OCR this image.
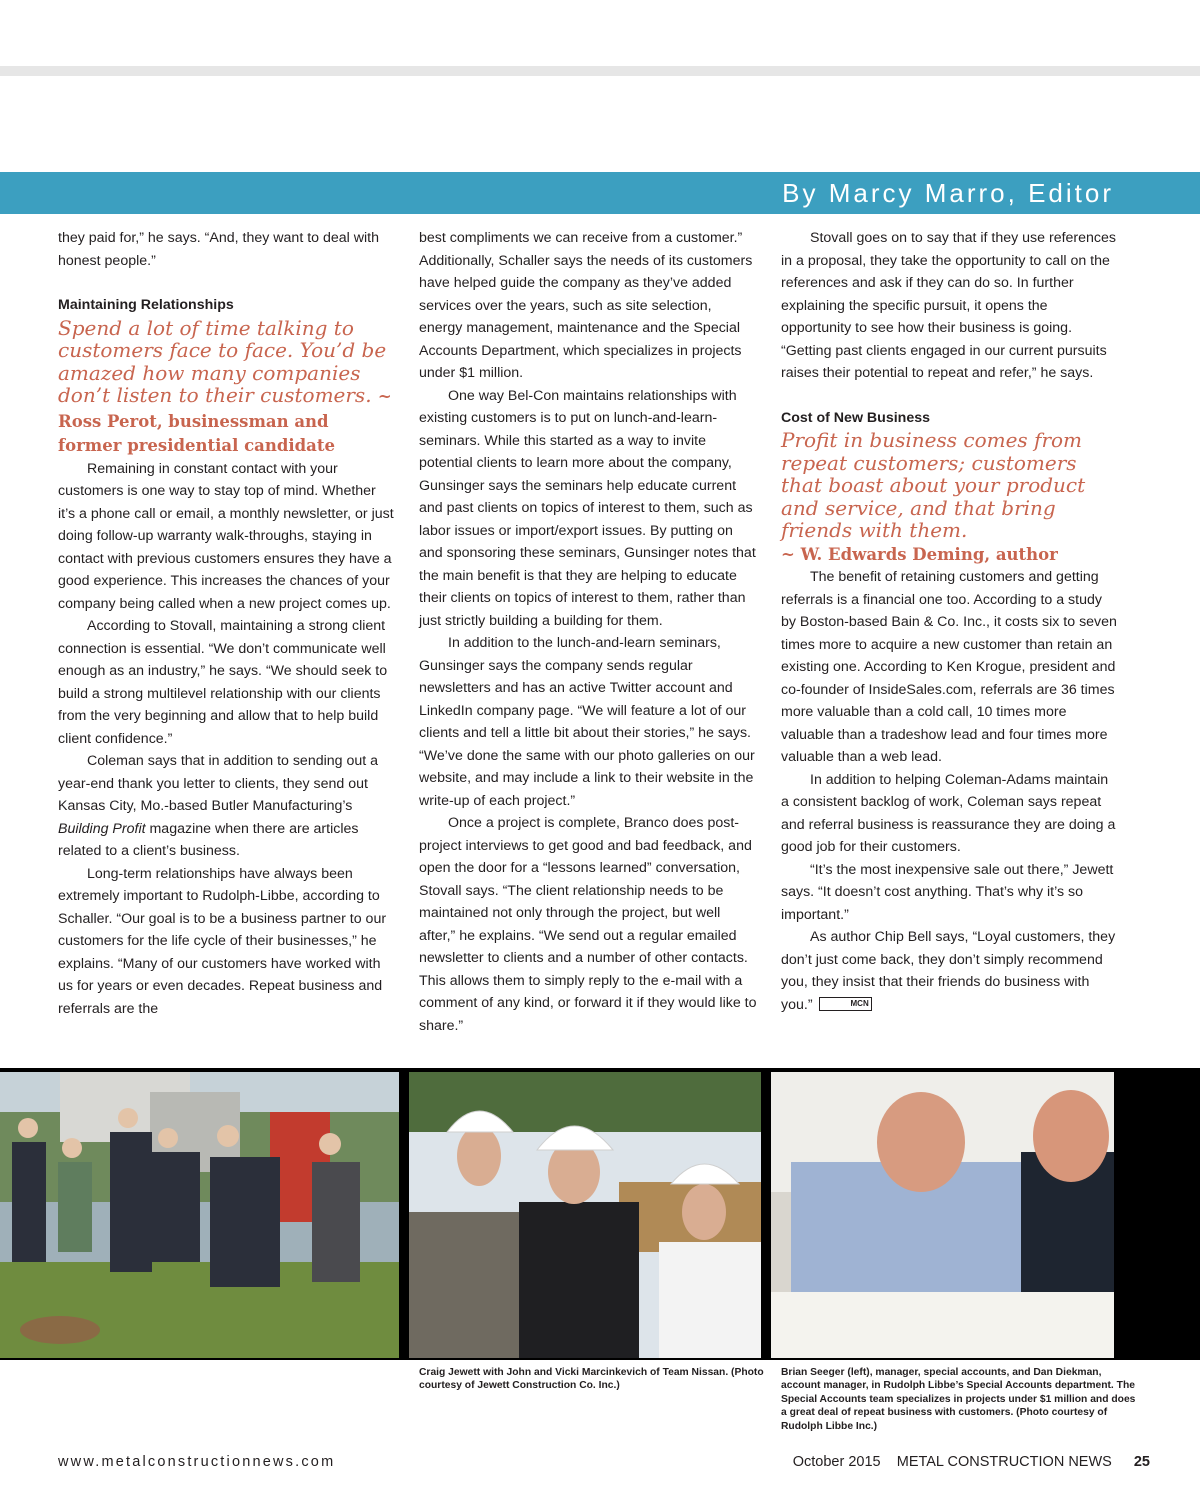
By Marcy Marro, Editor

they paid for,” he says. “And, they want to deal with honest people.”

Maintaining Relationships
Spend a lot of time talking to customers face to face. You’d be amazed how many companies don’t listen to their customers. ~ Ross Perot, businessman and former presidential candidate

Remaining in constant contact with your customers is one way to stay top of mind. Whether it’s a phone call or email, a monthly newsletter, or just doing follow-up warranty walk-throughs, staying in contact with previous customers ensures they have a good experience. This increases the chances of your company being called when a new project comes up.

According to Stovall, maintaining a strong client connection is essential. “We don’t communicate well enough as an industry,” he says. “We should seek to build a strong multilevel relationship with our clients from the very beginning and allow that to help build client confidence.”

Coleman says that in addition to sending out a year-end thank you letter to clients, they send out Kansas City, Mo.-based Butler Manufacturing’s Building Profit magazine when there are articles related to a client’s business.

Long-term relationships have always been extremely important to Rudolph-Libbe, according to Schaller. “Our goal is to be a business partner to our customers for the life cycle of their businesses,” he explains. “Many of our customers have worked with us for years or even decades. Repeat business and referrals are the

best compliments we can receive from a customer.” Additionally, Schaller says the needs of its customers have helped guide the company as they’ve added services over the years, such as site selection, energy management, maintenance and the Special Accounts Department, which specializes in projects under $1 million.

One way Bel-Con maintains relationships with existing customers is to put on lunch-and-learn-seminars. While this started as a way to invite potential clients to learn more about the company, Gunsinger says the seminars help educate current and past clients on topics of interest to them, such as labor issues or import/export issues. By putting on and sponsoring these seminars, Gunsinger notes that the main benefit is that they are helping to educate their clients on topics of interest to them, rather than just strictly building a building for them.

In addition to the lunch-and-learn seminars, Gunsinger says the company sends regular newsletters and has an active Twitter account and LinkedIn company page. “We will feature a lot of our clients and tell a little bit about their stories,” he says. “We’ve done the same with our photo galleries on our website, and may include a link to their website in the write-up of each project.”

Once a project is complete, Branco does post-project interviews to get good and bad feedback, and open the door for a “lessons learned” conversation, Stovall says. “The client relationship needs to be maintained not only through the project, but well after,” he explains. “We send out a regular emailed newsletter to clients and a number of other contacts. This allows them to simply reply to the e-mail with a comment of any kind, or forward it if they would like to share.”

Stovall goes on to say that if they use references in a proposal, they take the opportunity to call on the references and ask if they can do so. In further explaining the specific pursuit, it opens the opportunity to see how their business is going. “Getting past clients engaged in our current pursuits raises their potential to repeat and refer,” he says.

Cost of New Business
Profit in business comes from repeat customers; customers that boast about your product and service, and that bring friends with them.
~ W. Edwards Deming, author

The benefit of retaining customers and getting referrals is a financial one too. According to a study by Boston-based Bain & Co. Inc., it costs six to seven times more to acquire a new customer than retain an existing one. According to Ken Krogue, president and co-founder of InsideSales.com, referrals are 36 times more valuable than a cold call, 10 times more valuable than a tradeshow lead and four times more valuable than a web lead.

In addition to helping Coleman-Adams maintain a consistent backlog of work, Coleman says repeat and referral business is reassurance they are doing a good job for their customers.

“It’s the most inexpensive sale out there,” Jewett says. “It doesn’t cost anything. That’s why it’s so important.”

As author Chip Bell says, “Loyal customers, they don’t just come back, they don’t simply recommend you, they insist that their friends do business with you.”	MCN

Craig Jewett with John and Vicki Marcinkevich of Team Nissan. (Photo courtesy of Jewett Construction Co. Inc.)
Brian Seeger (left), manager, special accounts, and Dan Diekman, account manager, in Rudolph Libbe’s Special Accounts department. The Special Accounts team specializes in projects under $1 million and does a great deal of repeat business with customers. (Photo courtesy of Rudolph Libbe Inc.)
www.metalconstructionnews.com	October 2015 METAL CONSTRUCTION NEWS 25
